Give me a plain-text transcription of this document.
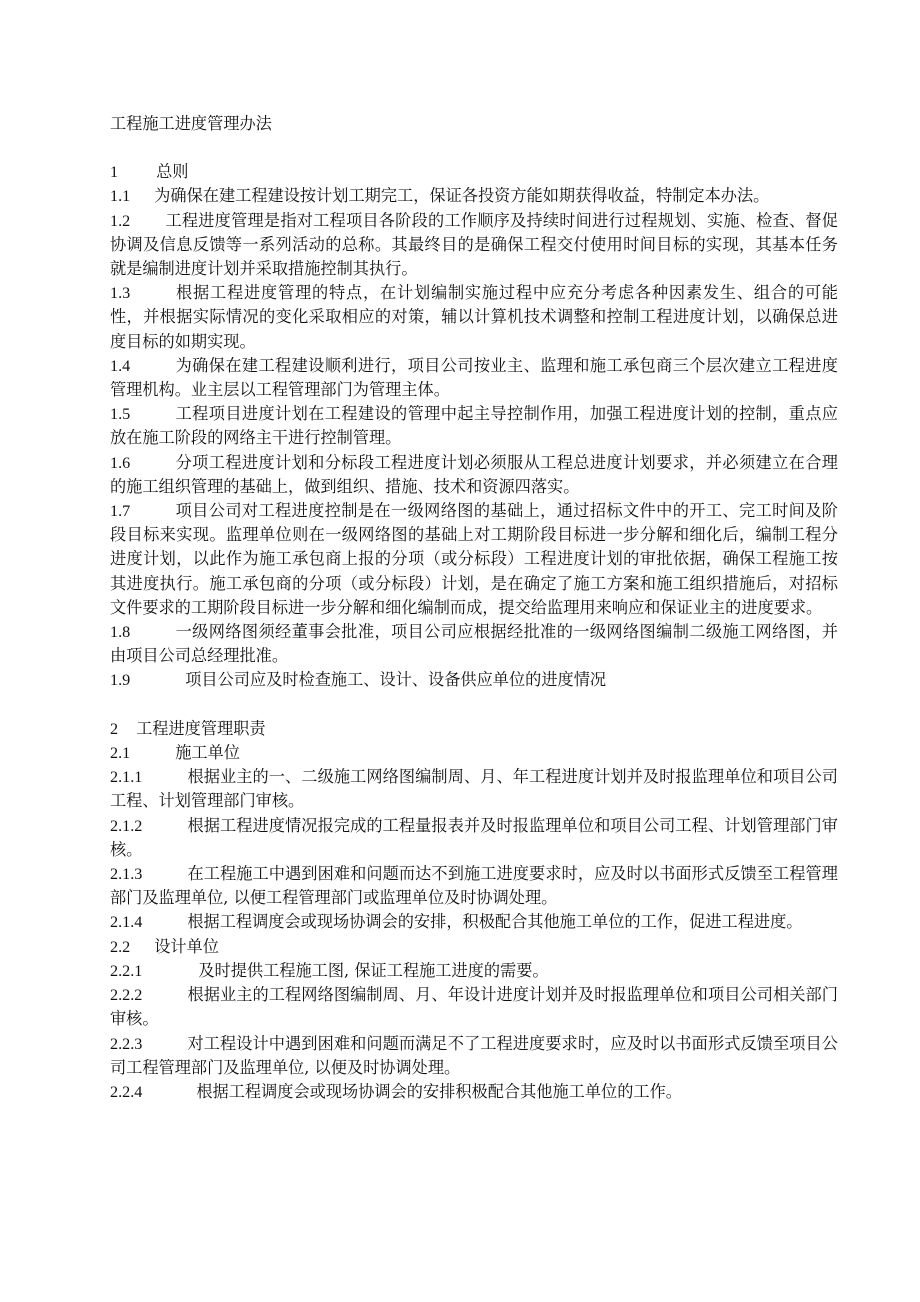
工程施工进度管理办法

1 总则

1.1 为确保在建工程建设按计划工期完工，保证各投资方能如期获得收益，特制定本办法。

1.2 工程进度管理是指对工程项目各阶段的工作顺序及持续时间进行过程规划、实施、检查、督促协调及信息反馈等一系列活动的总称。其最终目的是确保工程交付使用时间目标的实现，其基本任务就是编制进度计划并采取措施控制其执行。

1.3	根据工程进度管理的特点，在计划编制实施过程中应充分考虑各种因素发生、组合的可能性，并根据实际情况的变化采取相应的对策，辅以计算机技术调整和控制工程进度计划，以确保总进度目标的如期实现。

1.4	为确保在建工程建设顺利进行，项目公司按业主、监理和施工承包商三个层次建立工程进度管理机构。业主层以工程管理部门为管理主体。

1.5	工程项目进度计划在工程建设的管理中起主导控制作用，加强工程进度计划的控制，重点应放在施工阶段的网络主干进行控制管理。

1.6	分项工程进度计划和分标段工程进度计划必须服从工程总进度计划要求，并必须建立在合理的施工组织管理的基础上，做到组织、措施、技术和资源四落实。

1.7	项目公司对工程进度控制是在一级网络图的基础上，通过招标文件中的开工、完工时间及阶段目标来实现。监理单位则在一级网络图的基础上对工期阶段目标进一步分解和细化后，编制工程分进度计划，以此作为施工承包商上报的分项（或分标段）工程进度计划的审批依据，确保工程施工按其进度执行。施工承包商的分项（或分标段）计划，是在确定了施工方案和施工组织措施后，对招标文件要求的工期阶段目标进一步分解和细化编制而成，提交给监理用来响应和保证业主的进度要求。

1.8	一级网络图须经董事会批准，项目公司应根据经批准的一级网络图编制二级施工网络图，并由项目公司总经理批准。

1.9	项目公司应及时检查施工、设计、设备供应单位的进度情况

2 工程进度管理职责

2.1	施工单位

2.1.1	根据业主的一、二级施工网络图编制周、月、年工程进度计划并及时报监理单位和项目公司工程、计划管理部门审核。

2.1.2	根据工程进度情况报完成的工程量报表并及时报监理单位和项目公司工程、计划管理部门审核。

2.1.3	在工程施工中遇到困难和问题而达不到施工进度要求时，应及时以书面形式反馈至工程管理部门及监理单位, 以便工程管理部门或监理单位及时协调处理。

2.1.4	根据工程调度会或现场协调会的安排，积极配合其他施工单位的工作，促进工程进度。

2.2 设计单位

2.2.1	及时提供工程施工图, 保证工程施工进度的需要。

2.2.2	根据业主的工程网络图编制周、月、年设计进度计划并及时报监理单位和项目公司相关部门审核。

2.2.3	对工程设计中遇到困难和问题而满足不了工程进度要求时，应及时以书面形式反馈至项目公司工程管理部门及监理单位, 以便及时协调处理。

2.2.4	根据工程调度会或现场协调会的安排积极配合其他施工单位的工作。
